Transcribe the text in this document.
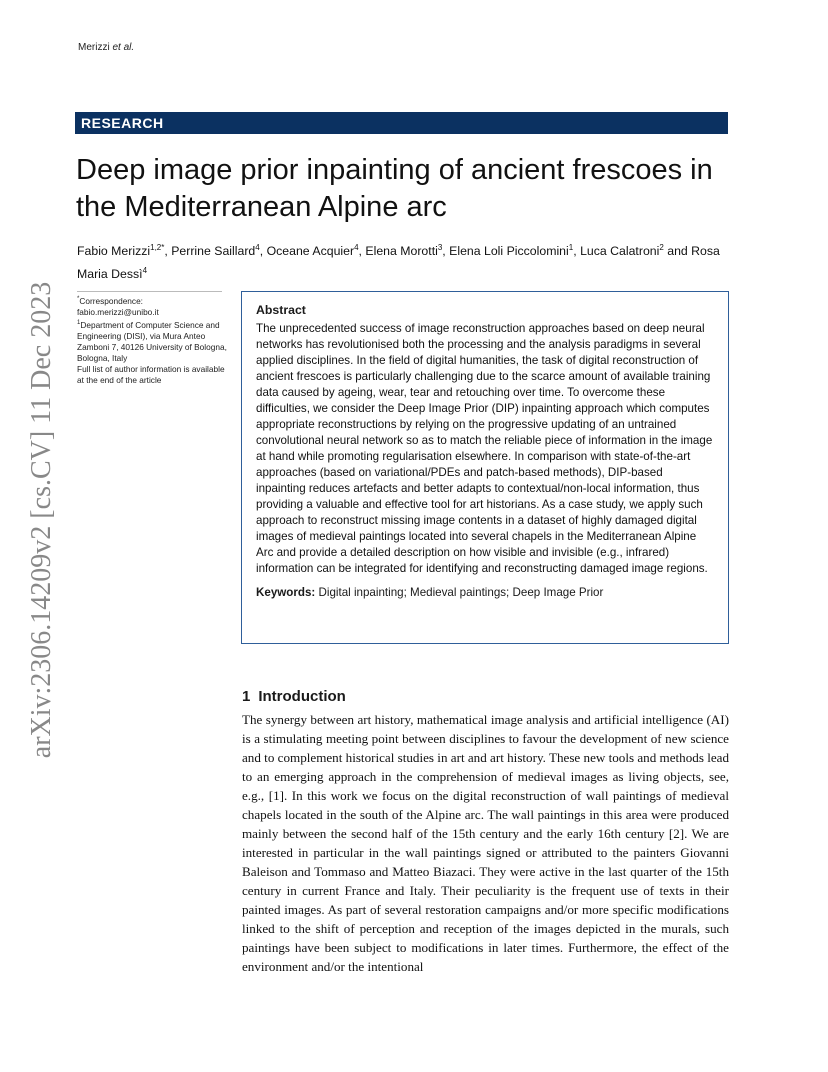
Merizzi et al.
RESEARCH
Deep image prior inpainting of ancient frescoes in the Mediterranean Alpine arc
Fabio Merizzi$^{1,2*}$, Perrine Saillard$^4$, Oceane Acquier$^4$, Elena Morotti$^3$, Elena Loli Piccolomini$^1$, Luca Calatroni$^2$ and Rosa Maria Dessì$^4$

*Correspondence:

fabio.merizzi@unibo.it

$^1$Department of Computer Science and Engineering (DISI), via Mura Anteo Zamboni 7, 40126 University of Bologna, Bologna, Italy

Full list of author information is available at the end of the article

Abstract

The unprecedented success of image reconstruction approaches based on deep neural networks has revolutionised both the processing and the analysis paradigms in several applied disciplines. In the field of digital humanities, the task of digital reconstruction of ancient frescoes is particularly challenging due to the scarce amount of available training data caused by ageing, wear, tear and retouching over time. To overcome these difficulties, we consider the Deep Image Prior (DIP) inpainting approach which computes appropriate reconstructions by relying on the progressive updating of an untrained convolutional neural network so as to match the reliable piece of information in the image at hand while promoting regularisation elsewhere. In comparison with state-of-the-art approaches (based on variational/PDEs and patch-based methods), DIP-based inpainting reduces artefacts and better adapts to contextual/non-local information, thus providing a valuable and effective tool for art historians. As a case study, we apply such approach to reconstruct missing image contents in a dataset of highly damaged digital images of medieval paintings located into several chapels in the Mediterranean Alpine Arc and provide a detailed description on how visible and invisible (e.g., infrared) information can be integrated for identifying and reconstructing damaged image regions.

Keywords: Digital inpainting; Medieval paintings; Deep Image Prior

arXiv:2306.14209v2 [cs.CV] 11 Dec 2023	1 Introduction

The synergy between art history, mathematical image analysis and artificial intelligence (AI) is a stimulating meeting point between disciplines to favour the development of new science and to complement historical studies in art and art history. These new tools and methods lead to an emerging approach in the comprehension of medieval images as living objects, see, e.g., [1]. In this work we focus on the digital reconstruction of wall paintings of medieval chapels located in the south of the Alpine arc. The wall paintings in this area were produced mainly between the second half of the 15th century and the early 16th century [2]. We are interested in particular in the wall paintings signed or attributed to the painters Giovanni Baleison and Tommaso and Matteo Biazaci. They were active in the last quarter of the 15th century in current France and Italy. Their peculiarity is the frequent use of texts in their painted images. As part of several restoration campaigns and/or more specific modifications linked to the shift of perception and reception of the images depicted in the murals, such paintings have been subject to modifications in later times. Furthermore, the effect of the environment and/or the intentional
